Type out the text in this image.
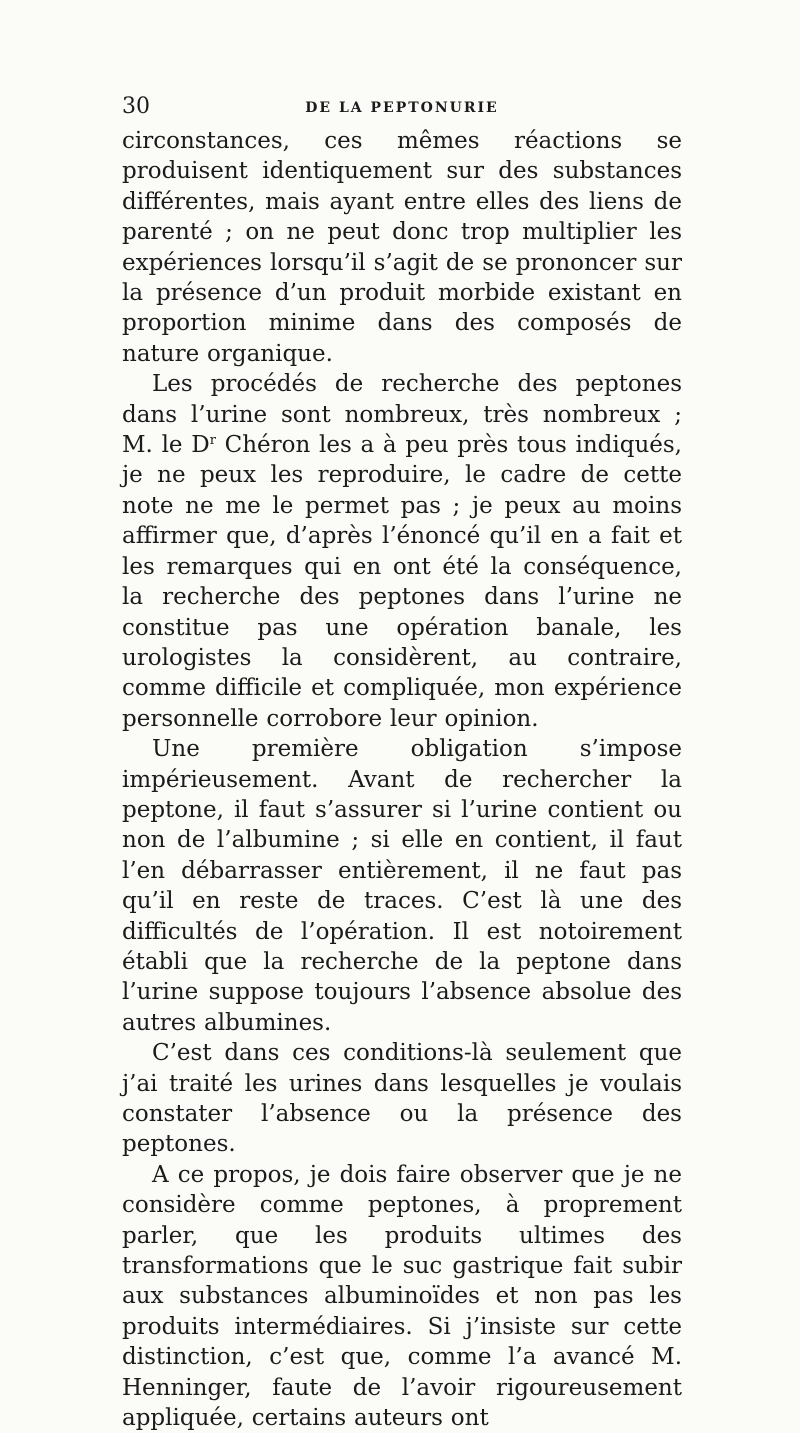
30	DE LA PEPTONURIE

circonstances, ces mêmes réactions se produisent identiquement sur des substances différentes, mais ayant entre elles des liens de parenté ; on ne peut donc trop multiplier les expériences lorsqu’il s’agit de se prononcer sur la présence d’un produit morbide existant en proportion minime dans des composés de nature organique.

Les procédés de recherche des peptones dans l’urine sont nombreux, très nombreux ; M. le $D^r$ Chéron les a à peu près tous indiqués, je ne peux les reproduire, le cadre de cette note ne me le permet pas ; je peux au moins affirmer que, d’après l’énoncé qu’il en a fait et les remarques qui en ont été la conséquence, la recherche des peptones dans l’urine ne constitue pas une opération banale, les urologistes la considèrent, au contraire, comme difficile et compliquée, mon expérience personnelle corrobore leur opinion.

Une première obligation s’impose impérieusement. Avant de rechercher la peptone, il faut s’assurer si l’urine contient ou non de l’albumine ; si elle en contient, il faut l’en débarrasser entièrement, il ne faut pas qu’il en reste de traces. C’est là une des difficultés de l’opération. Il est notoirement établi que la recherche de la peptone dans l’urine suppose toujours l’absence absolue des autres albumines.

C’est dans ces conditions-là seulement que j’ai traité les urines dans lesquelles je voulais constater l’absence ou la présence des peptones.

A ce propos, je dois faire observer que je ne considère comme peptones, à proprement parler, que les produits ultimes des transformations que le suc gastrique fait subir aux substances albuminoïdes et non pas les produits intermédiaires. Si j’insiste sur cette distinction, c’est que, comme l’a avancé M. Henninger, faute de l’avoir rigoureusement appliquée, certains auteurs ont
